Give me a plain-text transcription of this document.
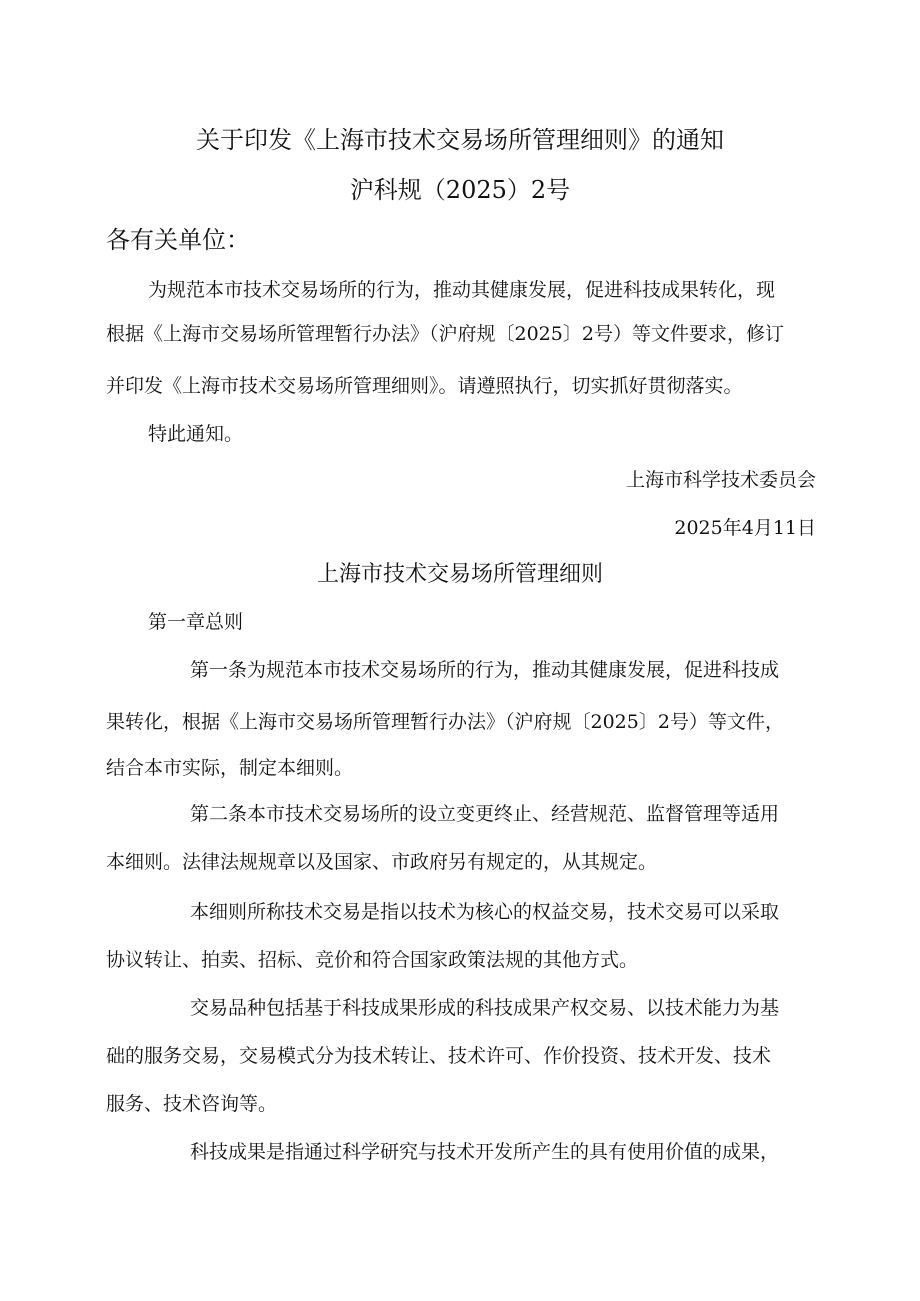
关于印发《上海市技术交易场所管理细则》的通知

沪科规（2025）2号

各有关单位：

为规范本市技术交易场所的行为，推动其健康发展，促进科技成果转化，现

根据《上海市交易场所管理暂行办法》（沪府规〔2025〕2号）等文件要求，修订

并印发《上海市技术交易场所管理细则》。请遵照执行，切实抓好贯彻落实。

特此通知。

上海市科学技术委员会

2025年4月11日

上海市技术交易场所管理细则

第一章总则

第一条为规范本市技术交易场所的行为，推动其健康发展，促进科技成

果转化，根据《上海市交易场所管理暂行办法》（沪府规〔2025〕2号）等文件，

结合本市实际，制定本细则。

第二条本市技术交易场所的设立变更终止、经营规范、监督管理等适用

本细则。法律法规规章以及国家、市政府另有规定的，从其规定。

本细则所称技术交易是指以技术为核心的权益交易，技术交易可以采取

协议转让、拍卖、招标、竞价和符合国家政策法规的其他方式。

交易品种包括基于科技成果形成的科技成果产权交易、以技术能力为基

础的服务交易，交易模式分为技术转让、技术许可、作价投资、技术开发、技术

服务、技术咨询等。

科技成果是指通过科学研究与技术开发所产生的具有使用价值的成果，
